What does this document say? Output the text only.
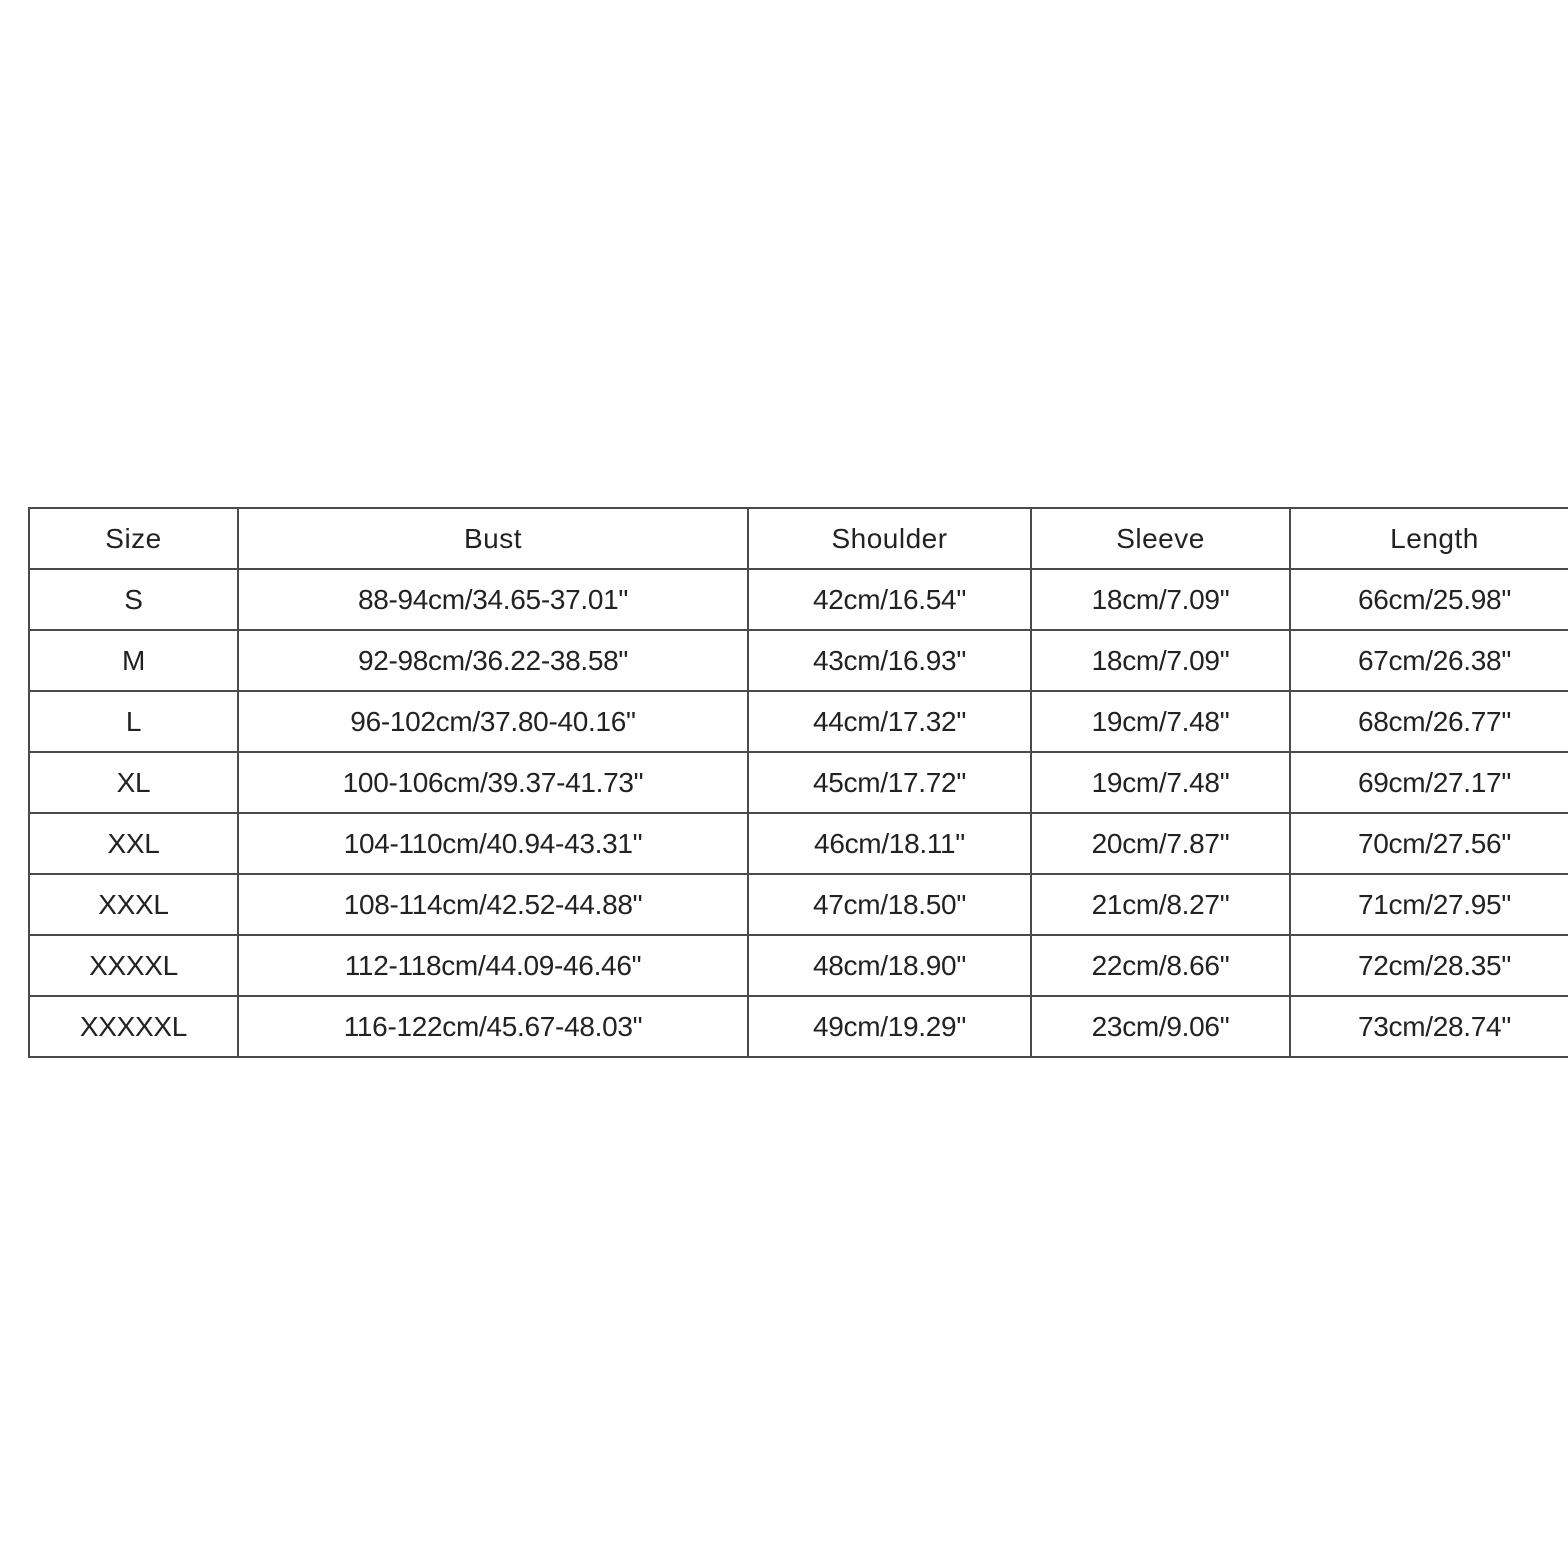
Size	Bust	Shoulder	Sleeve	Length
S	88-94cm/34.65-37.01"	42cm/16.54"	18cm/7.09"	66cm/25.98"
M	92-98cm/36.22-38.58"	43cm/16.93"	18cm/7.09"	67cm/26.38"
L	96-102cm/37.80-40.16"	44cm/17.32"	19cm/7.48"	68cm/26.77"
XL	100-106cm/39.37-41.73"	45cm/17.72"	19cm/7.48"	69cm/27.17"
XXL	104-110cm/40.94-43.31"	46cm/18.11"	20cm/7.87"	70cm/27.56"
XXXL	108-114cm/42.52-44.88"	47cm/18.50"	21cm/8.27"	71cm/27.95"
XXXXL	112-118cm/44.09-46.46"	48cm/18.90"	22cm/8.66"	72cm/28.35"
XXXXXL	116-122cm/45.67-48.03"	49cm/19.29"	23cm/9.06"	73cm/28.74"
